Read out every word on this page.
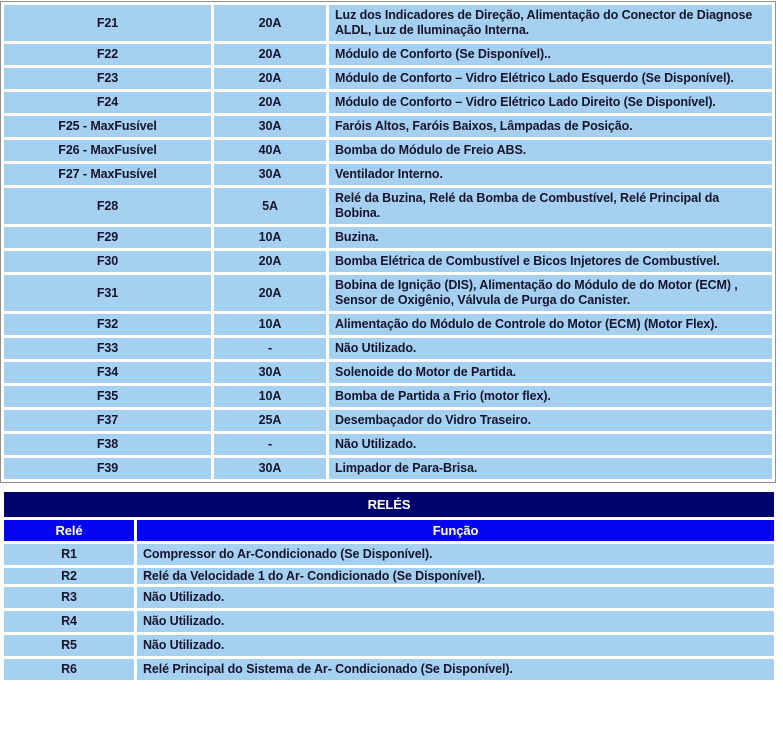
F21	20A	Luz dos Indicadores de Direção, Alimentação do Conector de Diagnose ALDL, Luz de Iluminação Interna.
F22	20A	Módulo de Conforto (Se Disponível)..
F23	20A	Módulo de Conforto – Vidro Elétrico Lado Esquerdo (Se Disponível).
F24	20A	Módulo de Conforto – Vidro Elétrico Lado Direito (Se Disponível).
F25 - MaxFusível	30A	Faróis Altos, Faróis Baixos, Lâmpadas de Posição.
F26 - MaxFusível	40A	Bomba do Módulo de Freio ABS.
F27 - MaxFusível	30A	Ventilador Interno.
F28	5A	Relé da Buzina, Relé da Bomba de Combustível, Relé Principal da Bobina.
F29	10A	Buzina.
F30	20A	Bomba Elétrica de Combustível e Bicos Injetores de Combustível.
F31	20A	Bobina de Ignição (DIS), Alimentação do Módulo de do Motor (ECM) , Sensor de Oxigênio, Válvula de Purga do Canister.
F32	10A	Alimentação do Módulo de Controle do Motor (ECM) (Motor Flex).
F33	-	Não Utilizado.
F34	30A	Solenoide do Motor de Partida.
F35	10A	Bomba de Partida a Frio (motor flex).
F37	25A	Desembaçador do Vidro Traseiro.
F38	-	Não Utilizado.
F39	30A	Limpador de Para-Brisa.
RELÉS	
Relé	Função
R1	Compressor do Ar-Condicionado (Se Disponível).
R2	Relé da Velocidade 1 do Ar- Condicionado (Se Disponível).
R3	Não Utilizado.
R4	Não Utilizado.
R5	Não Utilizado.
R6	Relé Principal do Sistema de Ar- Condicionado (Se Disponível).
